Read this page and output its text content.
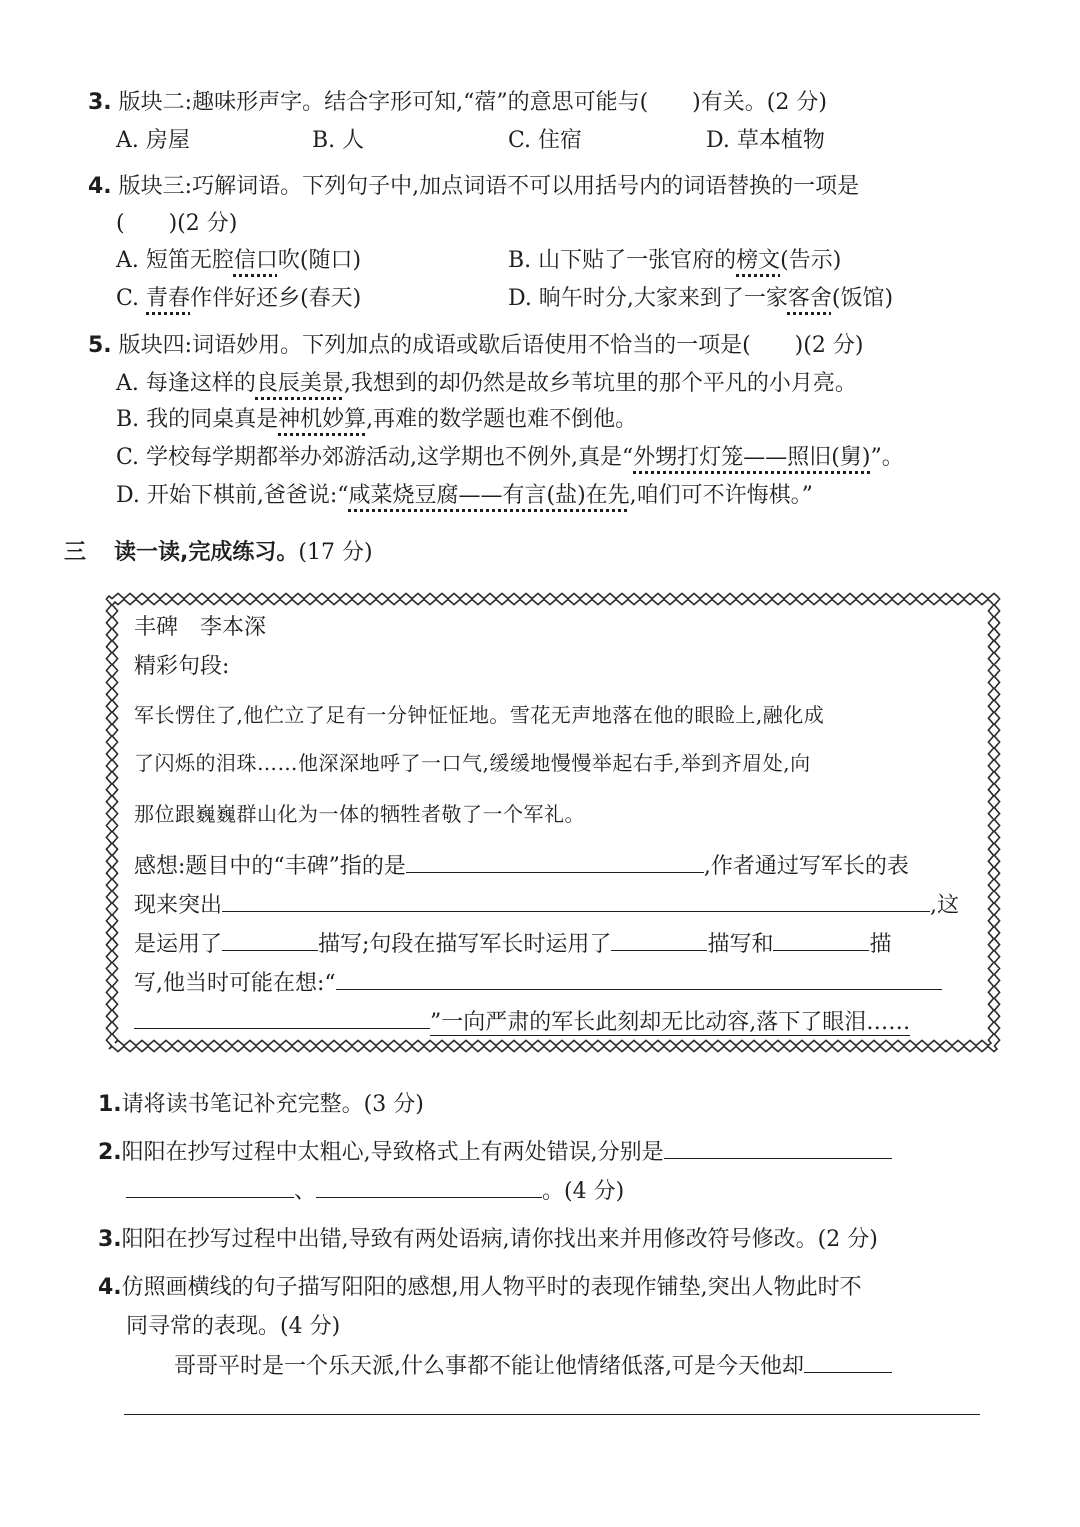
3. 版块二:趣味形声字。结合字形可知,“蓿”的意思可能与(　　)有关。(2 分)
A. 房屋	B. 人	C. 住宿	D. 草本植物
4. 版块三:巧解词语。下列句子中,加点词语不可以用括号内的词语替换的一项是
(　　)(2 分)
A. 短笛无腔信口吹(随口)	B. 山下贴了一张官府的榜文(告示)
C. 青春作伴好还乡(春天)	D. 晌午时分,大家来到了一家客舍(饭馆)
5. 版块四:词语妙用。下列加点的成语或歇后语使用不恰当的一项是(　　)(2 分)
A. 每逢这样的良辰美景,我想到的却仍然是故乡苇坑里的那个平凡的小月亮。
B. 我的同桌真是神机妙算,再难的数学题也难不倒他。
C. 学校每学期都举办郊游活动,这学期也不例外,真是“外甥打灯笼——照旧(舅)”。
D. 开始下棋前,爸爸说:“咸菜烧豆腐——有言(盐)在先,咱们可不许悔棋。”
三 读一读,完成练习。(17 分)
丰碑　李本深
精彩句段:
军长愣住了,他伫立了足有一分钟怔怔地。雪花无声地落在他的眼睑上,融化成
了闪烁的泪珠……他深深地呼了一口气,缓缓地慢慢举起右手,举到齐眉处,向
那位跟巍巍群山化为一体的牺牲者敬了一个军礼。
感想:题目中的“丰碑”指的是	,作者通过写军长的表
现来突出	,这
是运用了	描写;句段在描写军长时运用了	描写和	描
写,他当时可能在想:“
”一向严肃的军长此刻却无比动容,落下了眼泪……
1.请将读书笔记补充完整。(3 分)
2.阳阳在抄写过程中太粗心,导致格式上有两处错误,分别是
、	。(4 分)
3.阳阳在抄写过程中出错,导致有两处语病,请你找出来并用修改符号修改。(2 分)
4.仿照画横线的句子描写阳阳的感想,用人物平时的表现作铺垫,突出人物此时不
同寻常的表现。(4 分)
哥哥平时是一个乐天派,什么事都不能让他情绪低落,可是今天他却
